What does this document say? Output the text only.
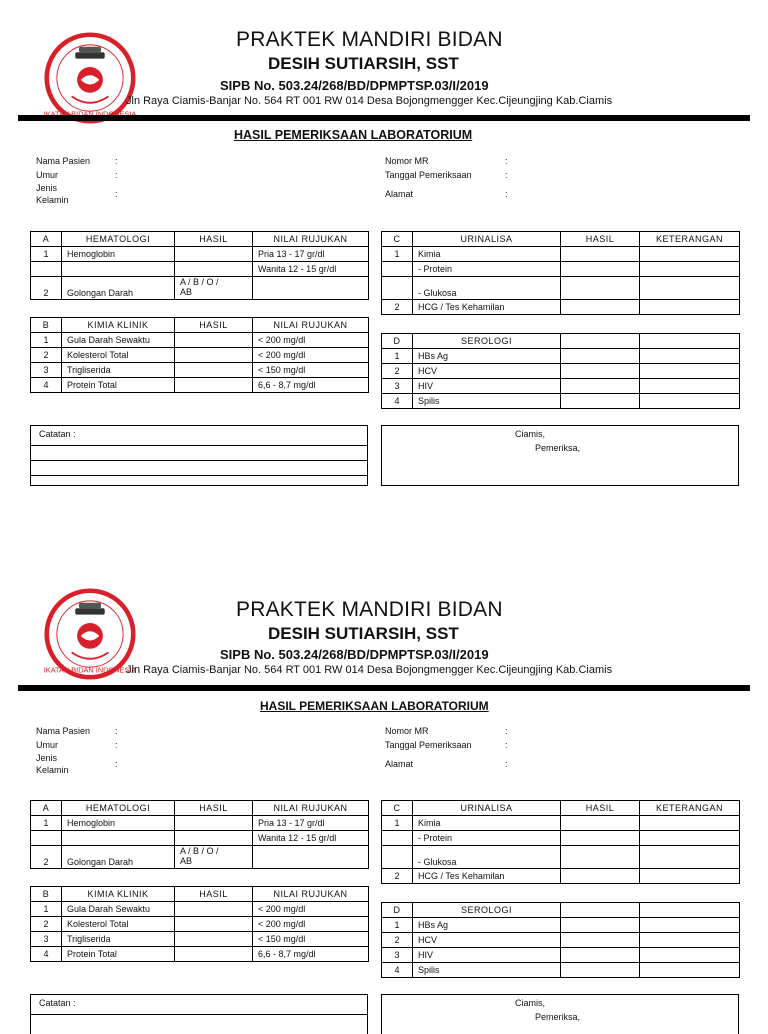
PRAKTEK MANDIRI BIDAN
DESIH SUTIARSIH, SST
SIPB No. 503.24/268/BD/DPMPTSP.03/I/2019
Jln Raya Ciamis-Banjar No. 564 RT 001 RW 014 Desa Bojongmengger Kec.Cijeungjing Kab.Ciamis
HASIL PEMERIKSAAN LABORATORIUM
Nama Pasien	:
Umur	:
Jenis
Kelamin
:
Nomor MR	:
Tanggal Pemeriksaan	:
Alamat	:
A	HEMATOLOGI	HASIL	NILAI RUJUKAN
1	Hemoglobin		Pria 13 - 17 gr/dl
			Wanita 12 - 15 gr/dl
2	Golongan Darah	A / B / O /
AB	
B	KIMIA KLINIK	HASIL	NILAI RUJUKAN
1	Gula Darah Sewaktu		< 200 mg/dl
2	Kolesterol Total		< 200 mg/dl
3	Trigliserida		< 150 mg/dl
4	Protein Total		6,6 - 8,7 mg/dl
C	URINALISA	HASIL	KETERANGAN
1	Kimia		
	- Protein		
	- Glukosa		
2	HCG / Tes Kehamilan		
D	SEROLOGI		
1	HBs Ag		
2	HCV		
3	HIV		
4	Spilis		
Catatan :	Ciamis,
Pemeriksa,
IKATAN BIDAN INDONESIA
PRAKTEK MANDIRI BIDAN
DESIH SUTIARSIH, SST
SIPB No. 503.24/268/BD/DPMPTSP.03/I/2019
Jln Raya Ciamis-Banjar No. 564 RT 001 RW 014 Desa Bojongmengger Kec.Cijeungjing Kab.Ciamis
HASIL PEMERIKSAAN LABORATORIUM
Nama Pasien	:
Umur	:
Jenis
Kelamin
:
Nomor MR	:
Tanggal Pemeriksaan	:
Alamat	:
A	HEMATOLOGI	HASIL	NILAI RUJUKAN
1	Hemoglobin		Pria 13 - 17 gr/dl
			Wanita 12 - 15 gr/dl
2	Golongan Darah	A / B / O /
AB	
B	KIMIA KLINIK	HASIL	NILAI RUJUKAN
1	Gula Darah Sewaktu		< 200 mg/dl
2	Kolesterol Total		< 200 mg/dl
3	Trigliserida		< 150 mg/dl
4	Protein Total		6,6 - 8,7 mg/dl
C	URINALISA	HASIL	KETERANGAN
1	Kimia		
	- Protein		
	- Glukosa		
2	HCG / Tes Kehamilan		
D	SEROLOGI		
1	HBs Ag		
2	HCV		
3	HIV		
4	Spilis		
Catatan :	Ciamis,
Pemeriksa,
